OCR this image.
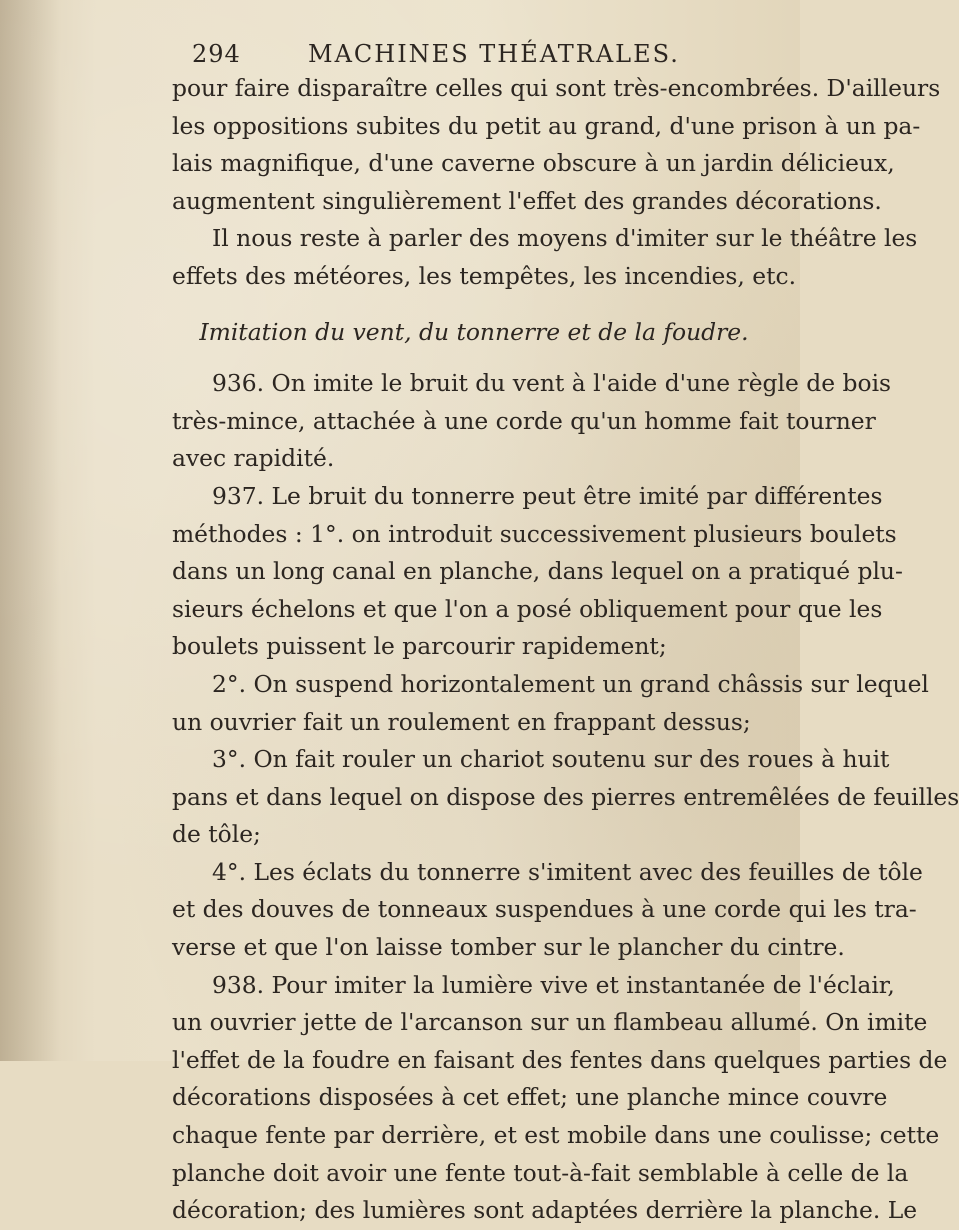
294	MACHINES THÉATRALES.
pour faire disparaître celles qui sont très-encombrées. D'ailleurs
les oppositions subites du petit au grand, d'une prison à un pa-
lais magnifique, d'une caverne obscure à un jardin délicieux,
augmentent singulièrement l'effet des grandes décorations.
Il nous reste à parler des moyens d'imiter sur le théâtre les
effets des météores, les tempêtes, les incendies, etc.
Imitation du vent, du tonnerre et de la foudre.
936. On imite le bruit du vent à l'aide d'une règle de bois
très-mince, attachée à une corde qu'un homme fait tourner
avec rapidité.
937. Le bruit du tonnerre peut être imité par différentes
méthodes : 1°. on introduit successivement plusieurs boulets
dans un long canal en planche, dans lequel on a pratiqué plu-
sieurs échelons et que l'on a posé obliquement pour que les
boulets puissent le parcourir rapidement;
2°. On suspend horizontalement un grand châssis sur lequel
un ouvrier fait un roulement en frappant dessus;
3°. On fait rouler un chariot soutenu sur des roues à huit
pans et dans lequel on dispose des pierres entremêlées de feuilles
de tôle;
4°. Les éclats du tonnerre s'imitent avec des feuilles de tôle
et des douves de tonneaux suspendues à une corde qui les tra-
verse et que l'on laisse tomber sur le plancher du cintre.
938. Pour imiter la lumière vive et instantanée de l'éclair,
un ouvrier jette de l'arcanson sur un flambeau allumé. On imite
l'effet de la foudre en faisant des fentes dans quelques parties de
décorations disposées à cet effet; une planche mince couvre
chaque fente par derrière, et est mobile dans une coulisse; cette
planche doit avoir une fente tout-à-fait semblable à celle de la
décoration; des lumières sont adaptées derrière la planche. Le
